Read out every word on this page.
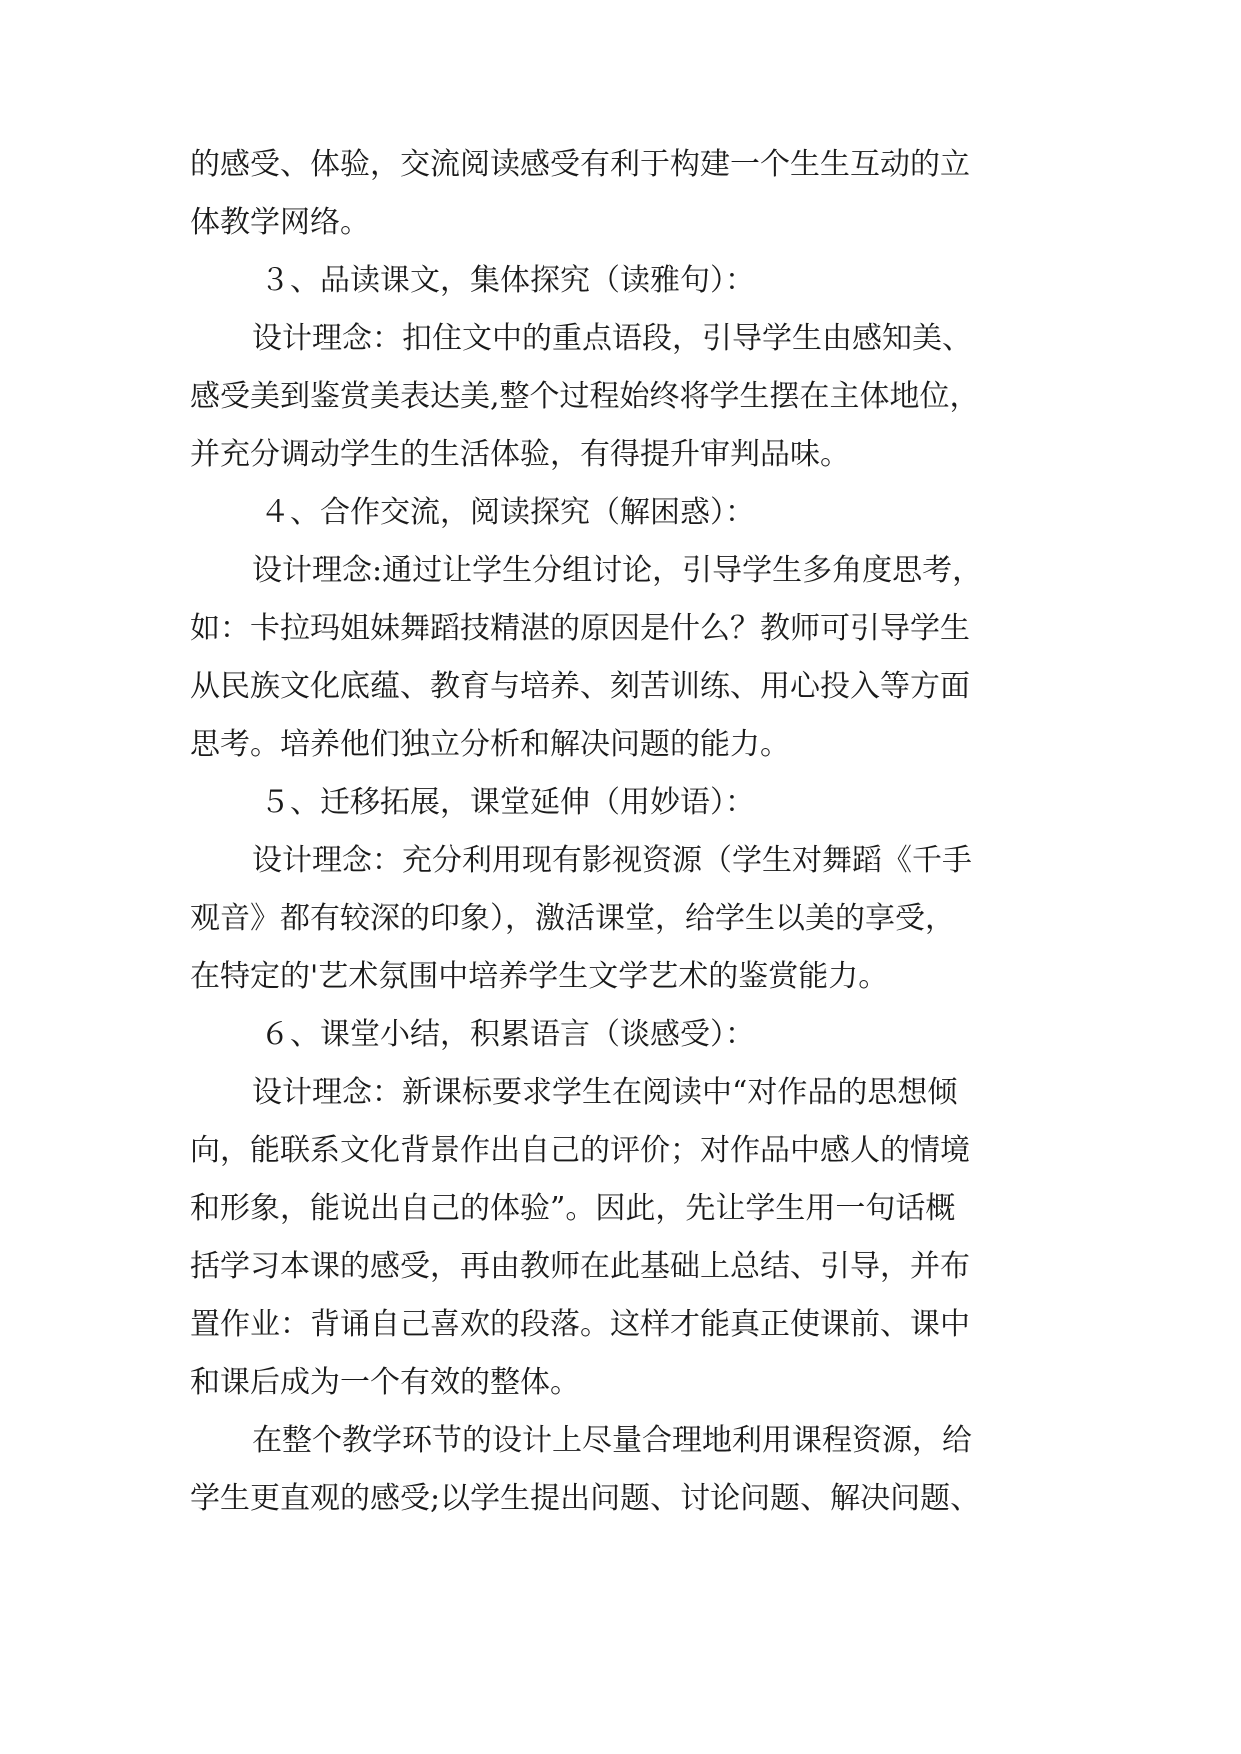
的感受、体验，交流阅读感受有利于构建一个生生互动的立
体教学网络。
３、品读课文，集体探究（读雅句）：
设计理念：扣住文中的重点语段，引导学生由感知美、
感受美到鉴赏美表达美,整个过程始终将学生摆在主体地位，
并充分调动学生的生活体验，有得提升审判品味。
４、合作交流，阅读探究（解困惑）：
设计理念:通过让学生分组讨论，引导学生多角度思考，
如：卡拉玛姐妹舞蹈技精湛的原因是什么？教师可引导学生
从民族文化底蕴、教育与培养、刻苦训练、用心投入等方面
思考。培养他们独立分析和解决问题的能力。
５、迁移拓展，课堂延伸（用妙语）：
设计理念：充分利用现有影视资源（学生对舞蹈《千手
观音》都有较深的印象），激活课堂，给学生以美的享受，
在特定的'艺术氛围中培养学生文学艺术的鉴赏能力。
６、课堂小结，积累语言（谈感受）：
设计理念：新课标要求学生在阅读中“对作品的思想倾
向，能联系文化背景作出自己的评价；对作品中感人的情境
和形象，能说出自己的体验”。因此，先让学生用一句话概
括学习本课的感受，再由教师在此基础上总结、引导，并布
置作业：背诵自己喜欢的段落。这样才能真正使课前、课中
和课后成为一个有效的整体。
在整个教学环节的设计上尽量合理地利用课程资源，给
学生更直观的感受;以学生提出问题、讨论问题、解决问题、
